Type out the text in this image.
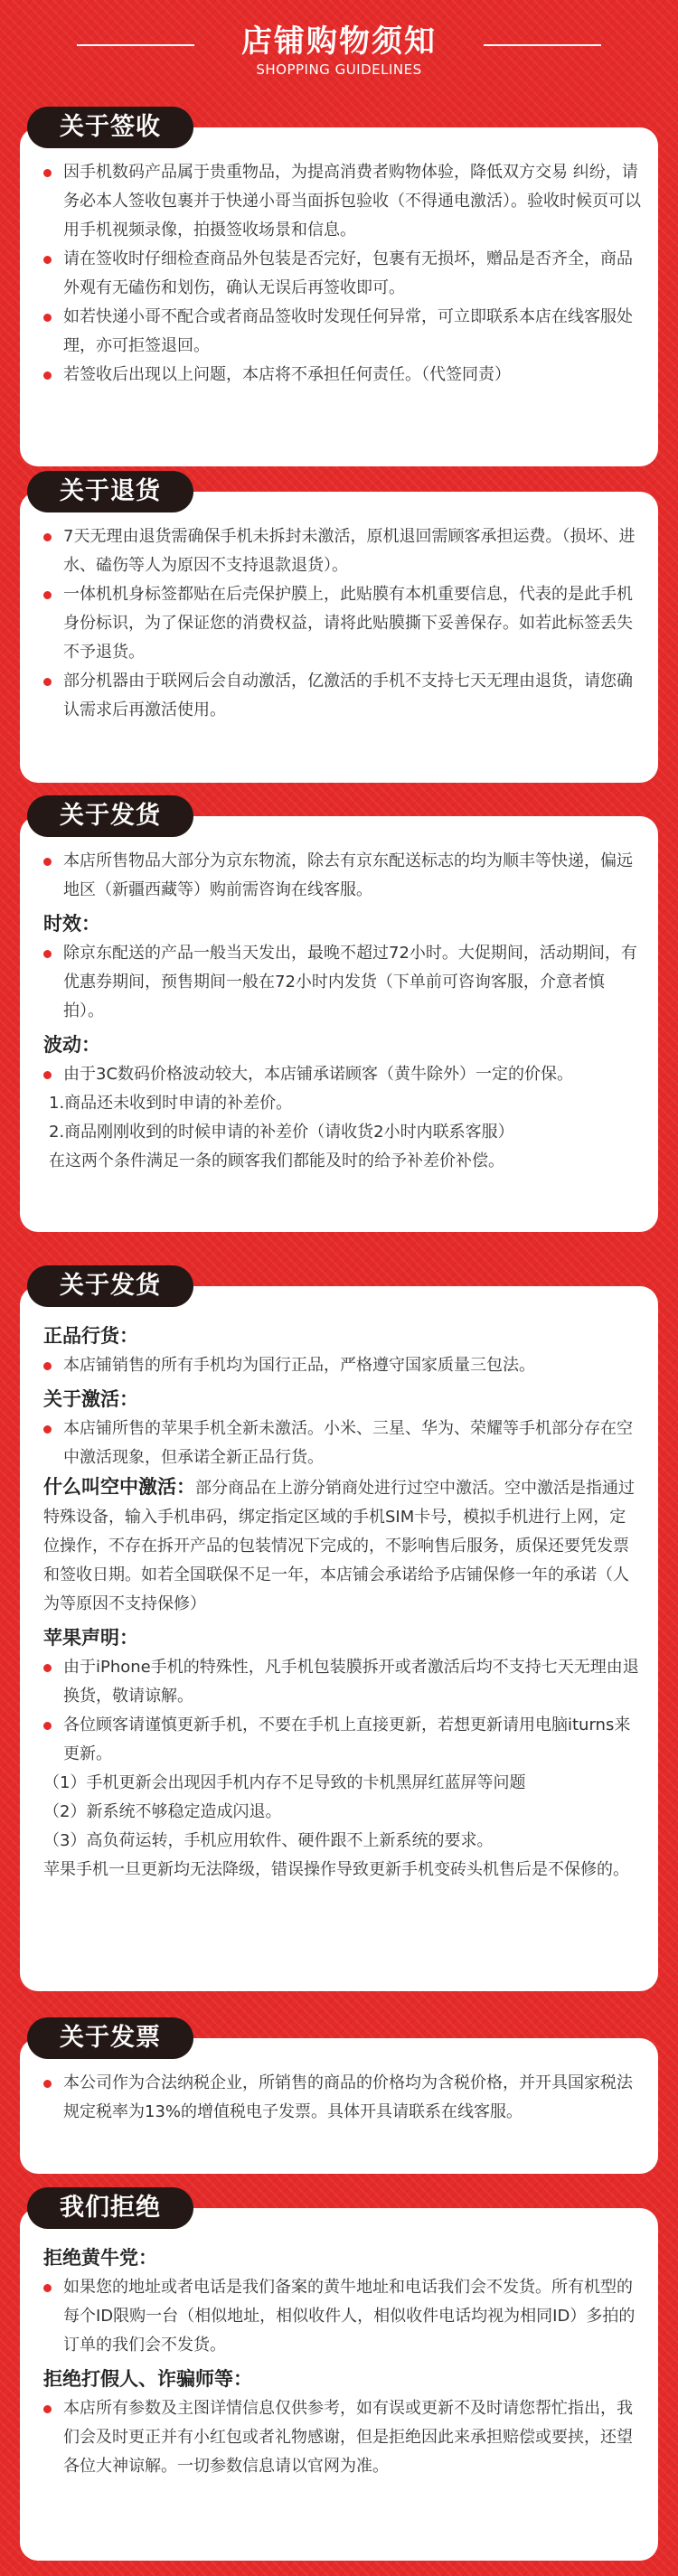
店铺购物须知
SHOPPING GUIDELINES
关于签收
因手机数码产品属于贵重物品，为提高消费者购物体验，降低双方交易 纠纷，请务必本人签收包裹并于快递小哥当面拆包验收（不得通电激活）。验收时候页可以用手机视频录像，拍摄签收场景和信息。
请在签收时仔细检查商品外包装是否完好，包裹有无损坏，赠品是否齐全，商品外观有无磕伤和划伤，确认无误后再签收即可。
如若快递小哥不配合或者商品签收时发现任何异常，可立即联系本店在线客服处理，亦可拒签退回。
若签收后出现以上问题，本店将不承担任何责任。（代签同责）
关于退货
7天无理由退货需确保手机未拆封未激活，原机退回需顾客承担运费。（损坏、进水、磕伤等人为原因不支持退款退货）。
一体机机身标签都贴在后壳保护膜上，此贴膜有本机重要信息，代表的是此手机身份标识，为了保证您的消费权益，请将此贴膜撕下妥善保存。如若此标签丢失不予退货。
部分机器由于联网后会自动激活，亿激活的手机不支持七天无理由退货，请您确认需求后再激活使用。
关于发货
本店所售物品大部分为京东物流，除去有京东配送标志的均为顺丰等快递，偏远地区（新疆西藏等）购前需咨询在线客服。
时效：
除京东配送的产品一般当天发出，最晚不超过72小时。大促期间，活动期间，有优惠券期间，预售期间一般在72小时内发货（下单前可咨询客服，介意者慎拍）。
波动：
由于3C数码价格波动较大，本店铺承诺顾客（黄牛除外）一定的价保。
1.商品还未收到时申请的补差价。
2.商品刚刚收到的时候申请的补差价（请收货2小时内联系客服）
在这两个条件满足一条的顾客我们都能及时的给予补差价补偿。
关于发货
正品行货：
本店铺销售的所有手机均为国行正品，严格遵守国家质量三包法。
关于激活：
本店铺所售的苹果手机全新未激活。小米、三星、华为、荣耀等手机部分存在空中激活现象，但承诺全新正品行货。
什么叫空中激活：部分商品在上游分销商处进行过空中激活。空中激活是指通过特殊设备，输入手机串码，绑定指定区域的手机SIM卡号，模拟手机进行上网，定位操作，不存在拆开产品的包装情况下完成的，不影响售后服务，质保还要凭发票和签收日期。如若全国联保不足一年，本店铺会承诺给予店铺保修一年的承诺（人为等原因不支持保修）
苹果声明：
由于iPhone手机的特殊性，凡手机包装膜拆开或者激活后均不支持七天无理由退换货，敬请谅解。
各位顾客请谨慎更新手机，不要在手机上直接更新，若想更新请用电脑iturns来更新。
（1）手机更新会出现因手机内存不足导致的卡机黑屏红蓝屏等问题
（2）新系统不够稳定造成闪退。
（3）高负荷运转，手机应用软件、硬件跟不上新系统的要求。
苹果手机一旦更新均无法降级，错误操作导致更新手机变砖头机售后是不保修的。
关于发票
本公司作为合法纳税企业，所销售的商品的价格均为含税价格，并开具国家税法规定税率为13%的增值税电子发票。具体开具请联系在线客服。
我们拒绝
拒绝黄牛党：
如果您的地址或者电话是我们备案的黄牛地址和电话我们会不发货。所有机型的每个ID限购一台（相似地址，相似收件人，相似收件电话均视为相同ID）多拍的订单的我们会不发货。
拒绝打假人、诈骗师等：
本店所有参数及主图详情信息仅供参考，如有误或更新不及时请您帮忙指出，我们会及时更正并有小红包或者礼物感谢，但是拒绝因此来承担赔偿或要挟，还望各位大神谅解。一切参数信息请以官网为准。
